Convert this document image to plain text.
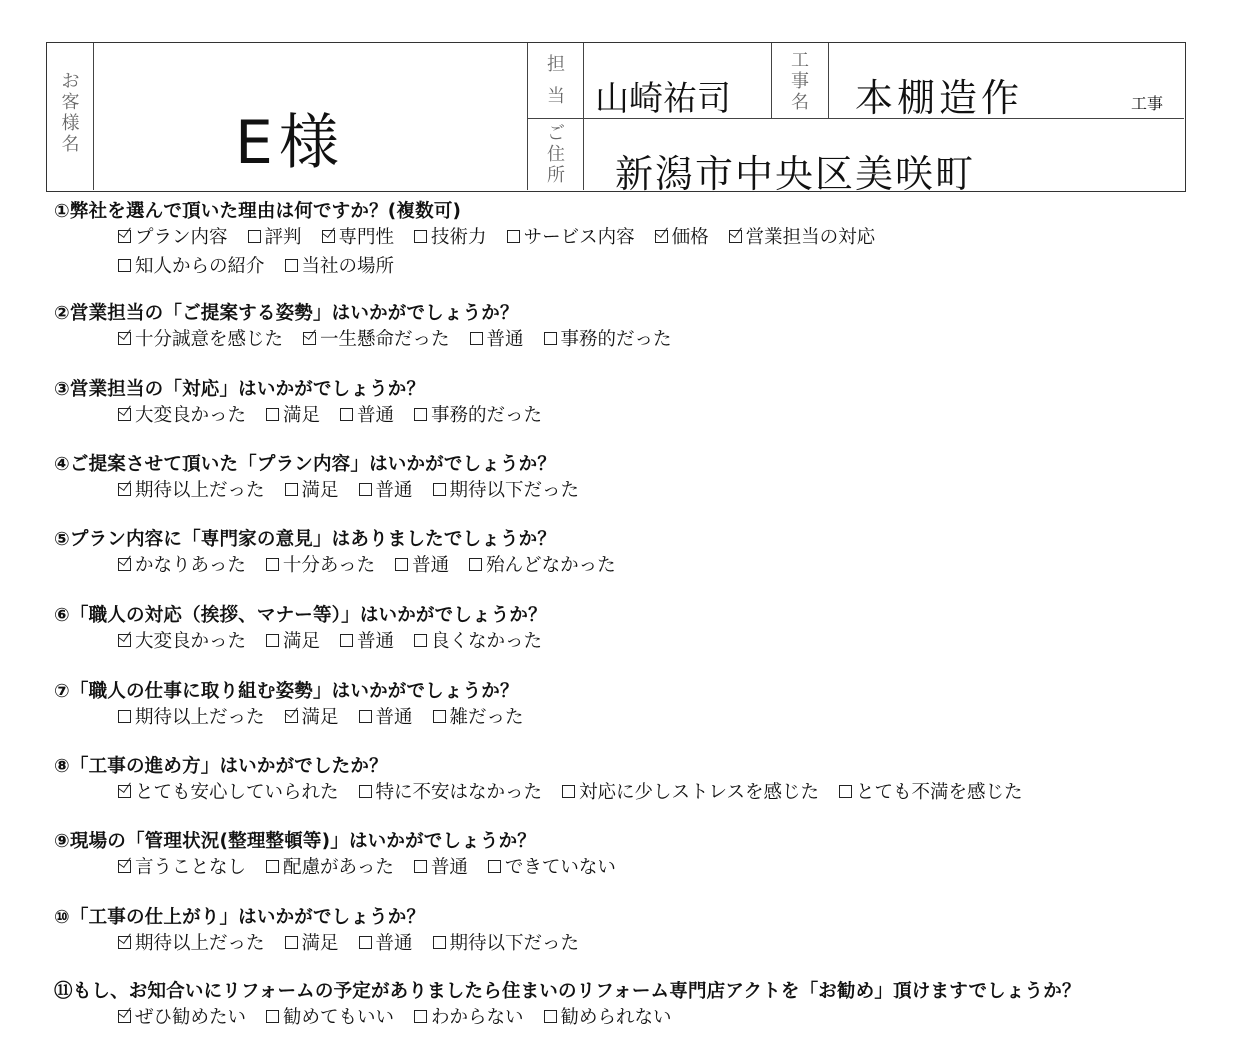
お
客
様
名	E様
担
当 山崎祐司
工
事
名 本棚造作	工事
ご
住
所 新潟市中央区美咲町
①弊社を選んで頂いた理由は何ですか？(複数可)
プラン内容 評判 専門性 技術力 サービス内容 価格 営業担当の対応
知人からの紹介 当社の場所
②営業担当の「ご提案する姿勢」はいかがでしょうか？
十分誠意を感じた 一生懸命だった 普通 事務的だった
③営業担当の「対応」はいかがでしょうか？
大変良かった 満足 普通 事務的だった
④ご提案させて頂いた「プラン内容」はいかがでしょうか？
期待以上だった 満足 普通 期待以下だった
⑤プラン内容に「専門家の意見」はありましたでしょうか？
かなりあった 十分あった 普通 殆んどなかった
⑥「職人の対応（挨拶、マナー等）」はいかがでしょうか？
大変良かった 満足 普通 良くなかった
⑦「職人の仕事に取り組む姿勢」はいかがでしょうか？
期待以上だった 満足 普通 雑だった
⑧「工事の進め方」はいかがでしたか？
とても安心していられた 特に不安はなかった 対応に少しストレスを感じた とても不満を感じた
⑨現場の「管理状況(整理整頓等)」はいかがでしょうか？
言うことなし 配慮があった 普通 できていない
⑩「工事の仕上がり」はいかがでしょうか？
期待以上だった 満足 普通 期待以下だった
⑪もし、お知合いにリフォームの予定がありましたら住まいのリフォーム専門店アクトを「お勧め」頂けますでしょうか？
ぜひ勧めたい 勧めてもいい わからない 勧められない
